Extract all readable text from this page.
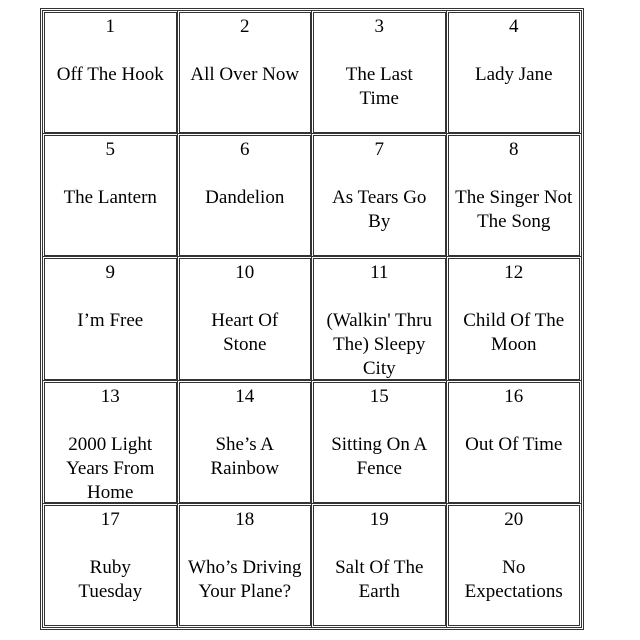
1
Off The Hook
2
All Over Now
3
The Last Time
4
Lady Jane
5
The Lantern
6
Dandelion
7
As Tears Go By
8
The Singer Not The Song
9
I’m Free
10
Heart Of Stone
11
(Walkin' Thru The) Sleepy City
12
Child Of The Moon
13
2000 Light Years From Home
14
She’s A Rainbow
15
Sitting On A Fence
16
Out Of Time
17
Ruby Tuesday
18
Who’s Driving Your Plane?
19
Salt Of The Earth
20
No Expectations
